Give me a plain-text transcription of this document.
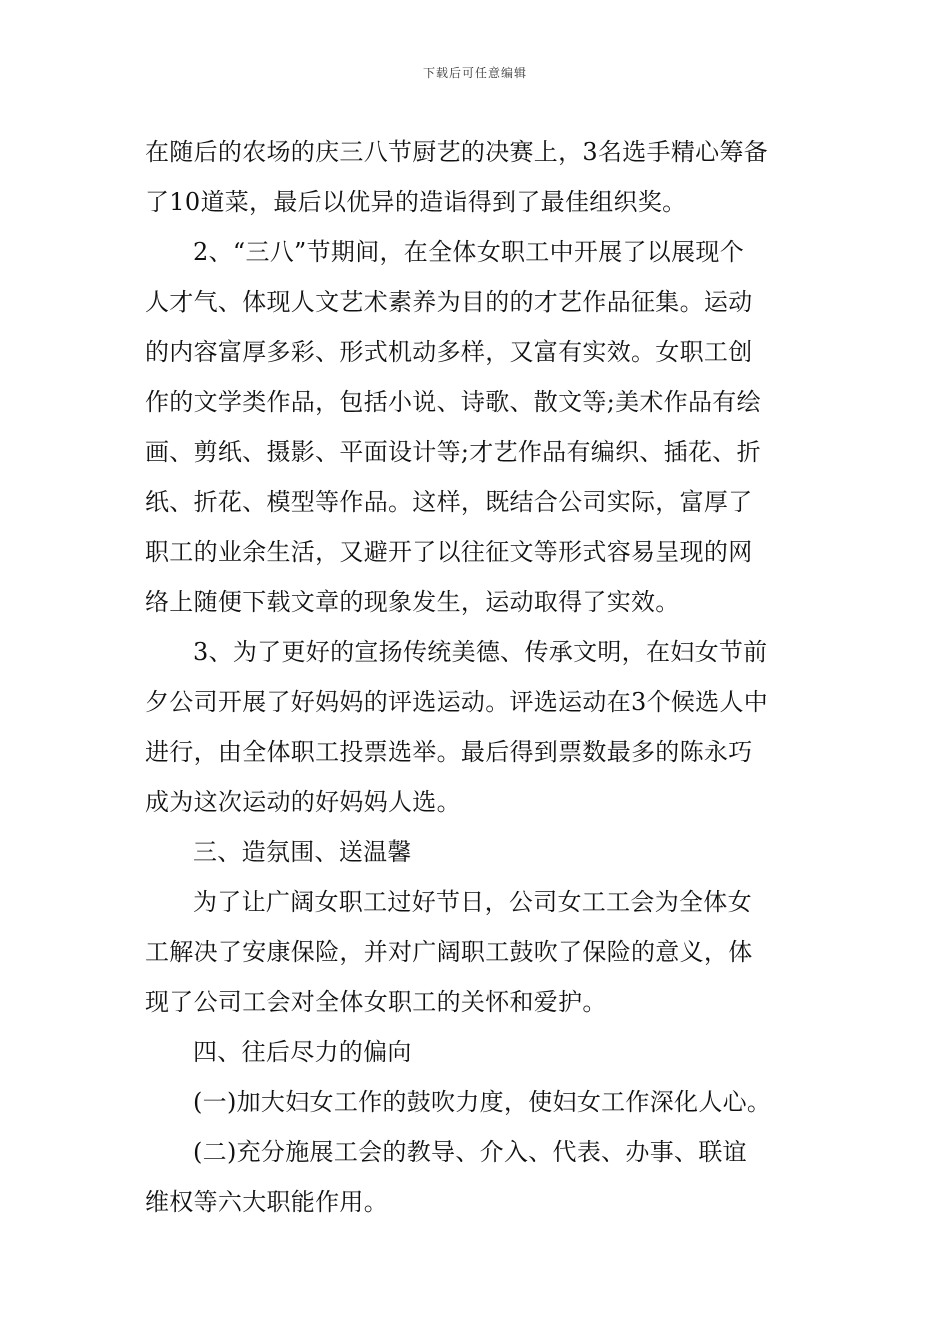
下载后可任意编辑
在随后的农场的庆三八节厨艺的决赛上，3名选手精心筹备
了10道菜，最后以优异的造诣得到了最佳组织奖。
2、“三八”节期间，在全体女职工中开展了以展现个
人才气、体现人文艺术素养为目的的才艺作品征集。运动
的内容富厚多彩、形式机动多样，又富有实效。女职工创
作的文学类作品，包括小说、诗歌、散文等;美术作品有绘
画、剪纸、摄影、平面设计等;才艺作品有编织、插花、折
纸、折花、模型等作品。这样，既结合公司实际，富厚了
职工的业余生活，又避开了以往征文等形式容易呈现的网
络上随便下载文章的现象发生，运动取得了实效。
3、为了更好的宣扬传统美德、传承文明，在妇女节前
夕公司开展了好妈妈的评选运动。评选运动在3个候选人中
进行，由全体职工投票选举。最后得到票数最多的陈永巧
成为这次运动的好妈妈人选。
三、造氛围、送温馨
为了让广阔女职工过好节日，公司女工工会为全体女
工解决了安康保险，并对广阔职工鼓吹了保险的意义，体
现了公司工会对全体女职工的关怀和爱护。
四、往后尽力的偏向
(一)加大妇女工作的鼓吹力度，使妇女工作深化人心。
(二)充分施展工会的教导、介入、代表、办事、联谊
维权等六大职能作用。
